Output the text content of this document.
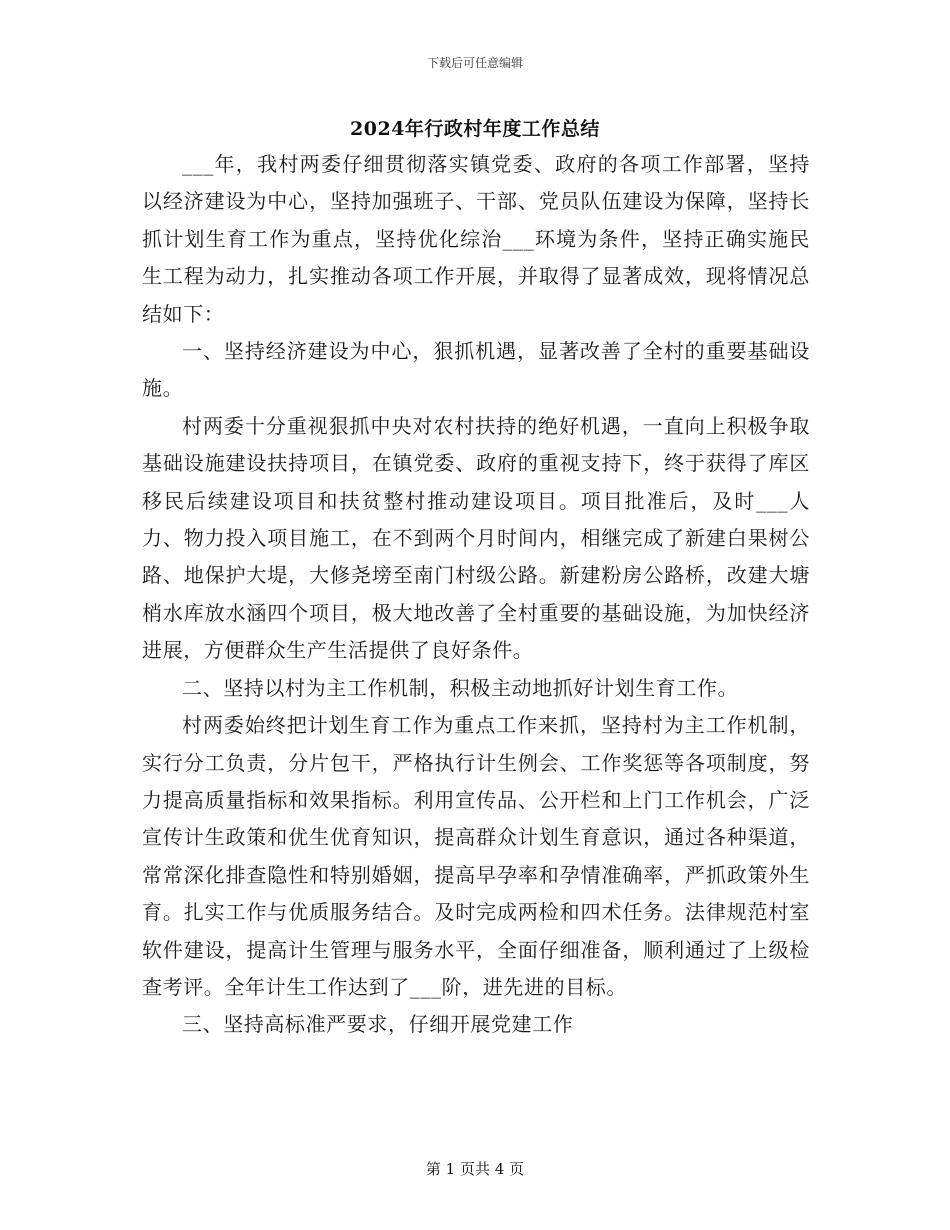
下载后可任意编辑
2024年行政村年度工作总结

___年，我村两委仔细贯彻落实镇党委、政府的各项工作部署，坚持以经济建设为中心，坚持加强班子、干部、党员队伍建设为保障，坚持长抓计划生育工作为重点，坚持优化综治___环境为条件，坚持正确实施民生工程为动力，扎实推动各项工作开展，并取得了显著成效，现将情况总结如下：

一、坚持经济建设为中心，狠抓机遇，显著改善了全村的重要基础设施。

村两委十分重视狠抓中央对农村扶持的绝好机遇，一直向上积极争取基础设施建设扶持项目，在镇党委、政府的重视支持下，终于获得了库区移民后续建设项目和扶贫整村推动建设项目。项目批准后，及时___人力、物力投入项目施工，在不到两个月时间内，相继完成了新建白果树公路、地保护大堤，大修尧塝至南门村级公路。新建粉房公路桥，改建大塘梢水库放水涵四个项目，极大地改善了全村重要的基础设施，为加快经济进展，方便群众生产生活提供了良好条件。

二、坚持以村为主工作机制，积极主动地抓好计划生育工作。

村两委始终把计划生育工作为重点工作来抓，坚持村为主工作机制，实行分工负责，分片包干，严格执行计生例会、工作奖惩等各项制度，努力提高质量指标和效果指标。利用宣传品、公开栏和上门工作机会，广泛宣传计生政策和优生优育知识，提高群众计划生育意识，通过各种渠道，常常深化排查隐性和特别婚姻，提高早孕率和孕情准确率，严抓政策外生育。扎实工作与优质服务结合。及时完成两检和四术任务。法律规范村室软件建设，提高计生管理与服务水平，全面仔细准备，顺利通过了上级检查考评。全年计生工作达到了___阶，进先进的目标。

三、坚持高标准严要求，仔细开展党建工作

第 1 页共 4 页
